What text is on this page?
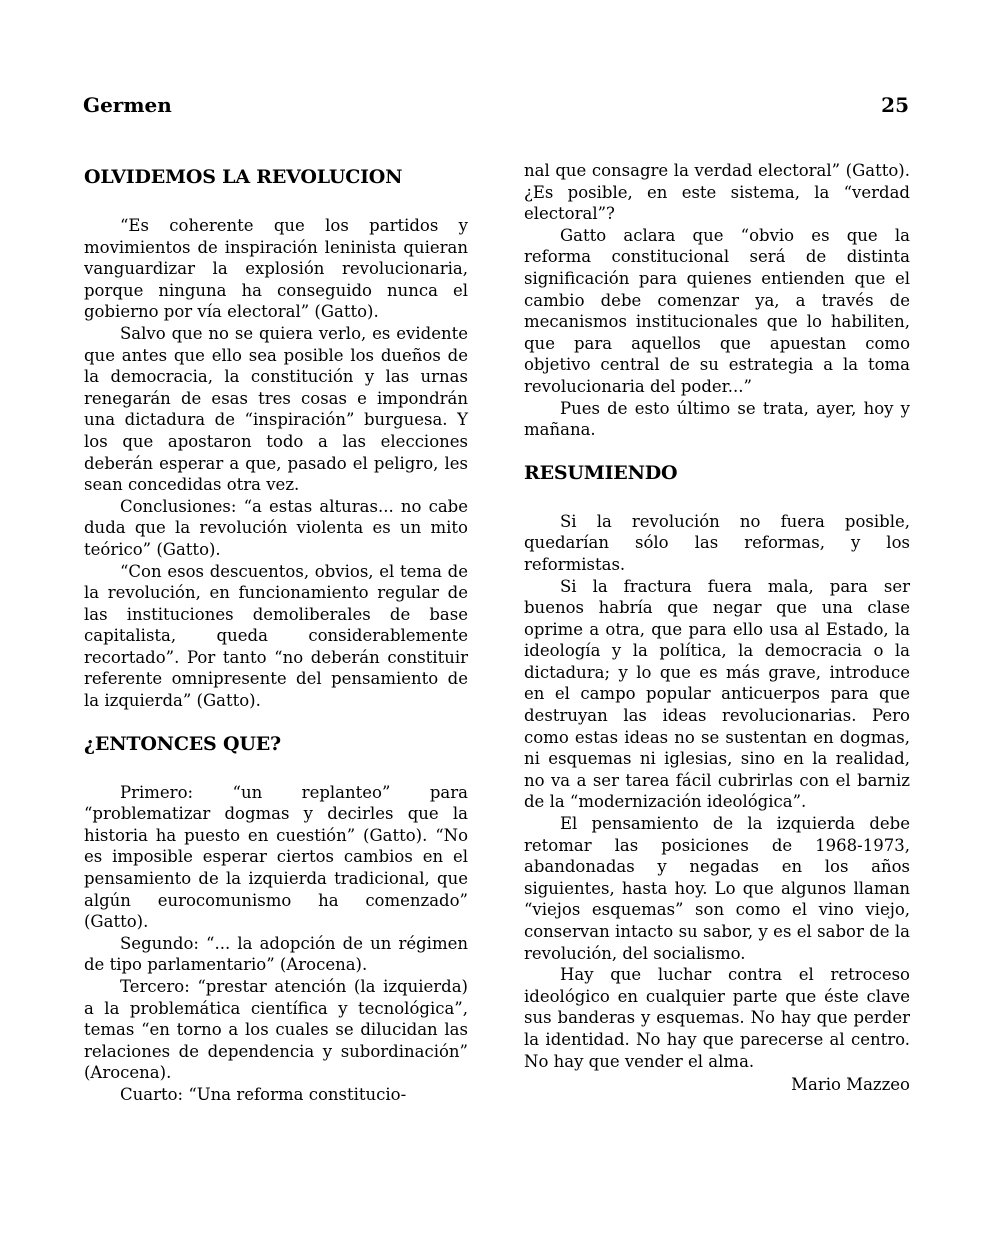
Germen	25
OLVIDEMOS LA REVOLUCION

“Es coherente que los partidos y movimientos de inspiración leninista quieran vanguardizar la explosión revolucionaria, porque ninguna ha conseguido nunca el gobierno por vía electoral” (Gatto).

Salvo que no se quiera verlo, es evidente que antes que ello sea posible los dueños de la democracia, la constitución y las urnas renegarán de esas tres cosas e impondrán una dictadura de “inspiración” burguesa. Y los que apostaron todo a las elecciones deberán esperar a que, pasado el peligro, les sean concedidas otra vez.

Conclusiones: “a estas alturas... no cabe duda que la revolución violenta es un mito teórico” (Gatto).

“Con esos descuentos, obvios, el tema de la revolución, en funcionamiento regular de las instituciones demoliberales de base capitalista, queda considerablemente recortado”. Por tanto “no deberán constituir referente omnipresente del pensamiento de la izquierda” (Gatto).

¿ENTONCES QUE?

Primero: “un replanteo” para “problematizar dogmas y decirles que la historia ha puesto en cuestión” (Gatto). “No es imposible esperar ciertos cambios en el pensamiento de la izquierda tradicional, que algún eurocomunismo ha comenzado” (Gatto).

Segundo: “... la adopción de un régimen de tipo parlamentario” (Arocena).

Tercero: “prestar atención (la izquierda) a la problemática científica y tecnológica”, temas “en torno a los cuales se dilucidan las relaciones de dependencia y subordinación” (Arocena).

Cuarto: “Una reforma constitucio-

nal que consagre la verdad electoral” (Gatto). ¿Es posible, en este sistema, la “verdad electoral”?

Gatto aclara que “obvio es que la reforma constitucional será de distinta significación para quienes entienden que el cambio debe comenzar ya, a través de mecanismos institucionales que lo habiliten, que para aquellos que apuestan como objetivo central de su estrategia a la toma revolucionaria del poder...”

Pues de esto último se trata, ayer, hoy y mañana.

RESUMIENDO

Si la revolución no fuera posible, quedarían sólo las reformas, y los reformistas.

Si la fractura fuera mala, para ser buenos habría que negar que una clase oprime a otra, que para ello usa al Estado, la ideología y la política, la democracia o la dictadura; y lo que es más grave, introduce en el campo popular anticuerpos para que destruyan las ideas revolucionarias. Pero como estas ideas no se sustentan en dogmas, ni esquemas ni iglesias, sino en la realidad, no va a ser tarea fácil cubrirlas con el barniz de la “modernización ideológica”.

El pensamiento de la izquierda debe retomar las posiciones de 1968-1973, abandonadas y negadas en los años siguientes, hasta hoy. Lo que algunos llaman “viejos esquemas” son como el vino viejo, conservan intacto su sabor, y es el sabor de la revolución, del socialismo.

Hay que luchar contra el retroceso ideológico en cualquier parte que éste clave sus banderas y esquemas. No hay que perder la identidad. No hay que parecerse al centro. No hay que vender el alma.

Mario Mazzeo
